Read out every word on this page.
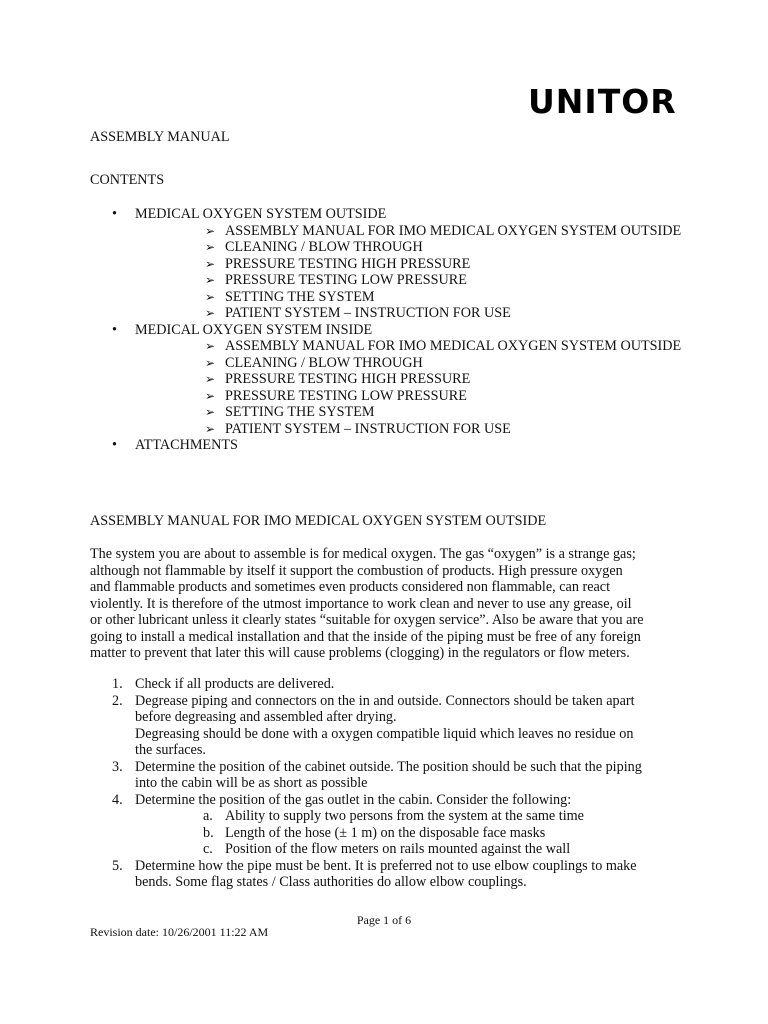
UNITOR
ASSEMBLY MANUAL
CONTENTS
• MEDICAL OXYGEN SYSTEM OUTSIDE
➢ ASSEMBLY MANUAL FOR IMO MEDICAL OXYGEN SYSTEM OUTSIDE
➢ CLEANING / BLOW THROUGH
➢ PRESSURE TESTING HIGH PRESSURE
➢ PRESSURE TESTING LOW PRESSURE
➢ SETTING THE SYSTEM
➢ PATIENT SYSTEM – INSTRUCTION FOR USE
• MEDICAL OXYGEN SYSTEM INSIDE
➢ ASSEMBLY MANUAL FOR IMO MEDICAL OXYGEN SYSTEM OUTSIDE
➢ CLEANING / BLOW THROUGH
➢ PRESSURE TESTING HIGH PRESSURE
➢ PRESSURE TESTING LOW PRESSURE
➢ SETTING THE SYSTEM
➢ PATIENT SYSTEM – INSTRUCTION FOR USE
• ATTACHMENTS
ASSEMBLY MANUAL FOR IMO MEDICAL OXYGEN SYSTEM OUTSIDE
The system you are about to assemble is for medical oxygen. The gas “oxygen” is a strange gas;
although not flammable by itself it support the combustion of products. High pressure oxygen
and flammable products and sometimes even products considered non flammable, can react
violently. It is therefore of the utmost importance to work clean and never to use any grease, oil
or other lubricant unless it clearly states “suitable for oxygen service”. Also be aware that you are
going to install a medical installation and that the inside of the piping must be free of any foreign
matter to prevent that later this will cause problems (clogging) in the regulators or flow meters.
1. Check if all products are delivered.
2. Degrease piping and connectors on the in and outside. Connectors should be taken apart
before degreasing and assembled after drying.
Degreasing should be done with a oxygen compatible liquid which leaves no residue on
the surfaces.
3. Determine the position of the cabinet outside. The position should be such that the piping
into the cabin will be as short as possible
4. Determine the position of the gas outlet in the cabin. Consider the following:
a. Ability to supply two persons from the system at the same time
b. Length of the hose (± 1 m) on the disposable face masks
c. Position of the flow meters on rails mounted against the wall
5. Determine how the pipe must be bent. It is preferred not to use elbow couplings to make
bends. Some flag states / Class authorities do allow elbow couplings.
Page 1 of 6
Revision date: 10/26/2001 11:22 AM
